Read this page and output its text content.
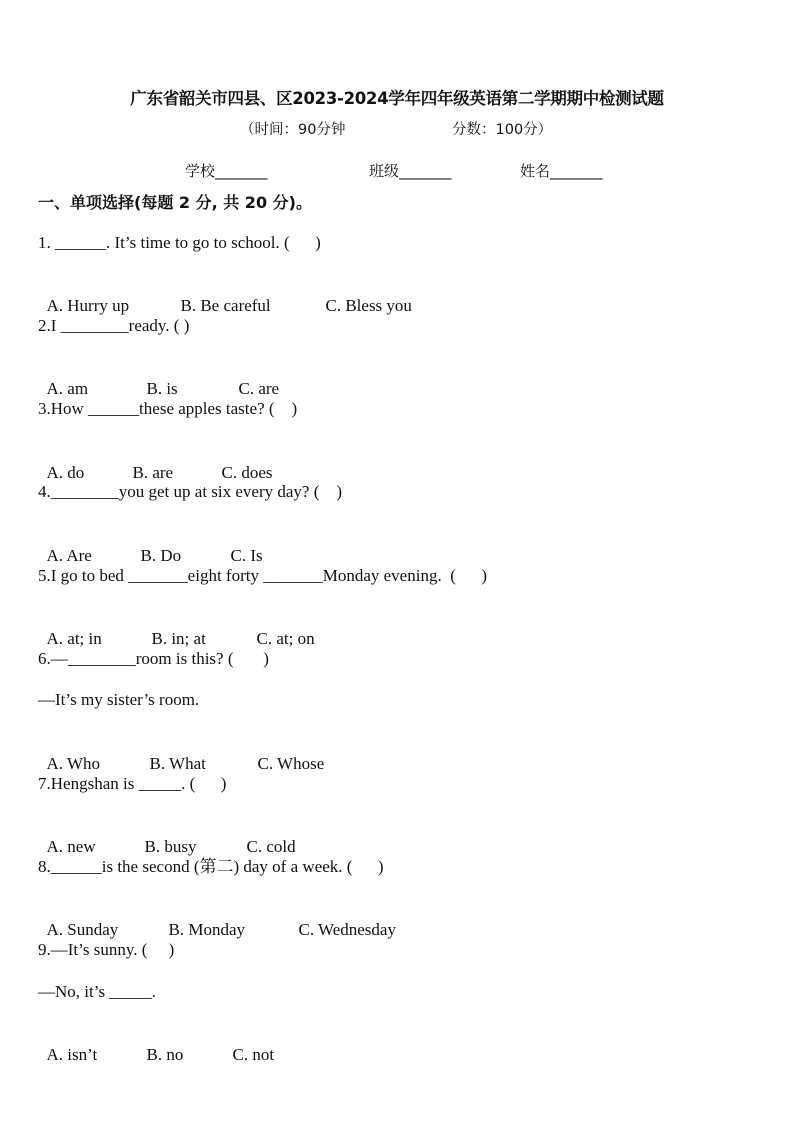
广东省韶关市四县、区2023-2024学年四年级英语第二学期期中检测试题
（时间：90分钟	分数：100分）
学校_______	班级_______	姓名_______
一、单项选择(每题 2 分, 共 20 分)。
1. ______. It’s time to go to school. (      )

A. Hurry up	B. Be careful	C. Bless you

2.I ________ready. ( )

A. am	B. is	C. are

3.How ______these apples taste? (    )

A. do	B. are	C. does

4.________you get up at six every day? (    )

A. Are	B. Do	C. Is

5.I go to bed _______eight forty _______Monday evening.  (      )

A. at; in	B. in; at	C. at; on

6.—________room is this? (       )
—It’s my sister’s room.

A. Who	B. What	C. Whose

7.Hengshan is _____. (      )

A. new	B. busy	C. cold

8.______is the second (第二) day of a week. (      )

A. Sunday	B. Monday	C. Wednesday

9.—It’s sunny. (     )
—No, it’s _____.

A. isn’t	B. no	C. not
